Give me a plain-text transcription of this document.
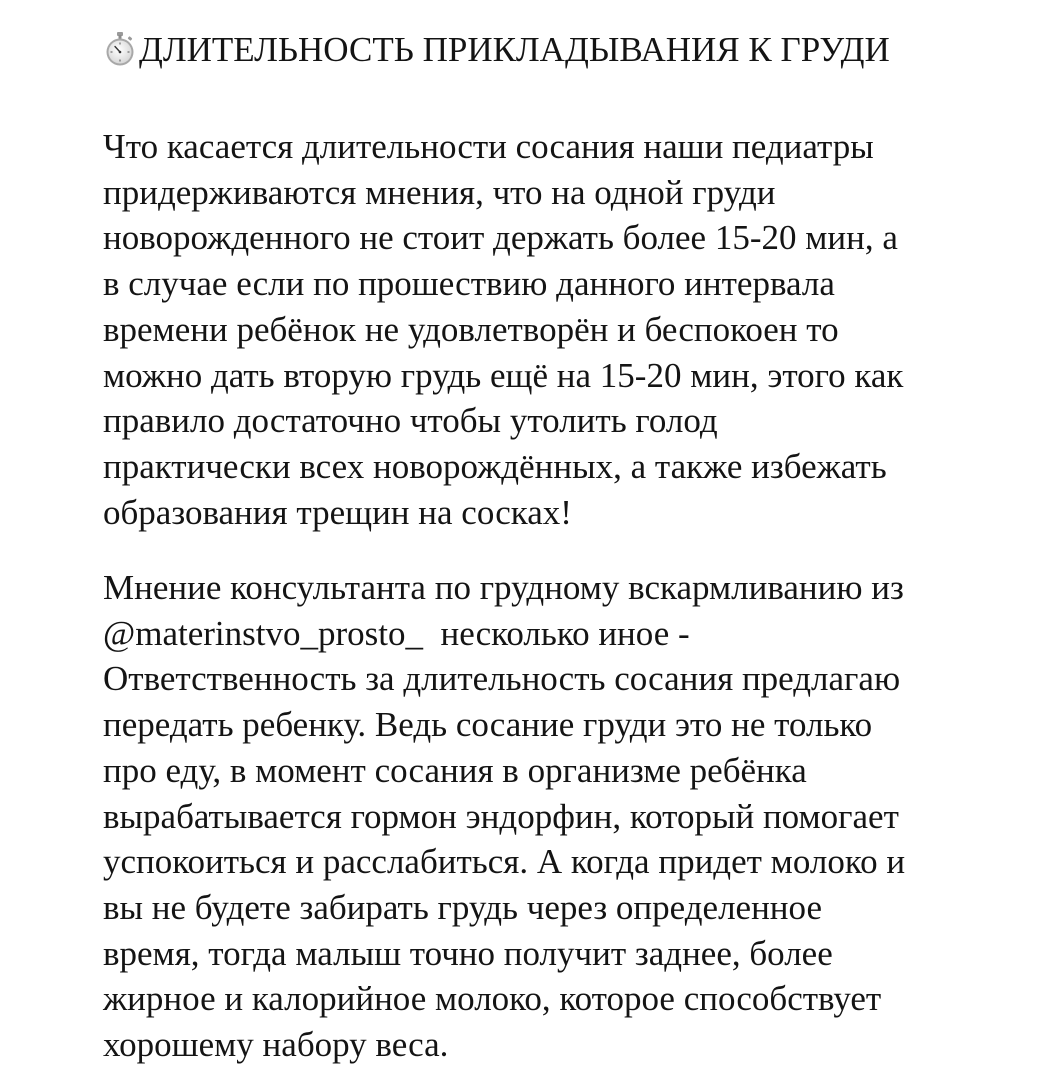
ДЛИТЕЛЬНОСТЬ ПРИКЛАДЫВАНИЯ К ГРУДИ
Что касается длительности сосания наши педиатры
придерживаются мнения, что на одной груди
новорожденного не стоит держать более 15-20 мин, а
в случае если по прошествию данного интервала
времени ребёнок не удовлетворён и беспокоен то
можно дать вторую грудь ещё на 15-20 мин, этого как
правило достаточно чтобы утолить голод
практически всех новорождённых, а также избежать
образования трещин на сосках!
Мнение консультанта по грудному вскармливанию из
@materinstvo_prosto_  несколько иное -
Ответственность за длительность сосания предлагаю
передать ребенку. Ведь сосание груди это не только
про еду, в момент сосания в организме ребёнка
вырабатывается гормон эндорфин, который помогает
успокоиться и расслабиться. А когда придет молоко и
вы не будете забирать грудь через определенное
время, тогда малыш точно получит заднее, более
жирное и калорийное молоко, которое способствует
хорошему набору веса.
